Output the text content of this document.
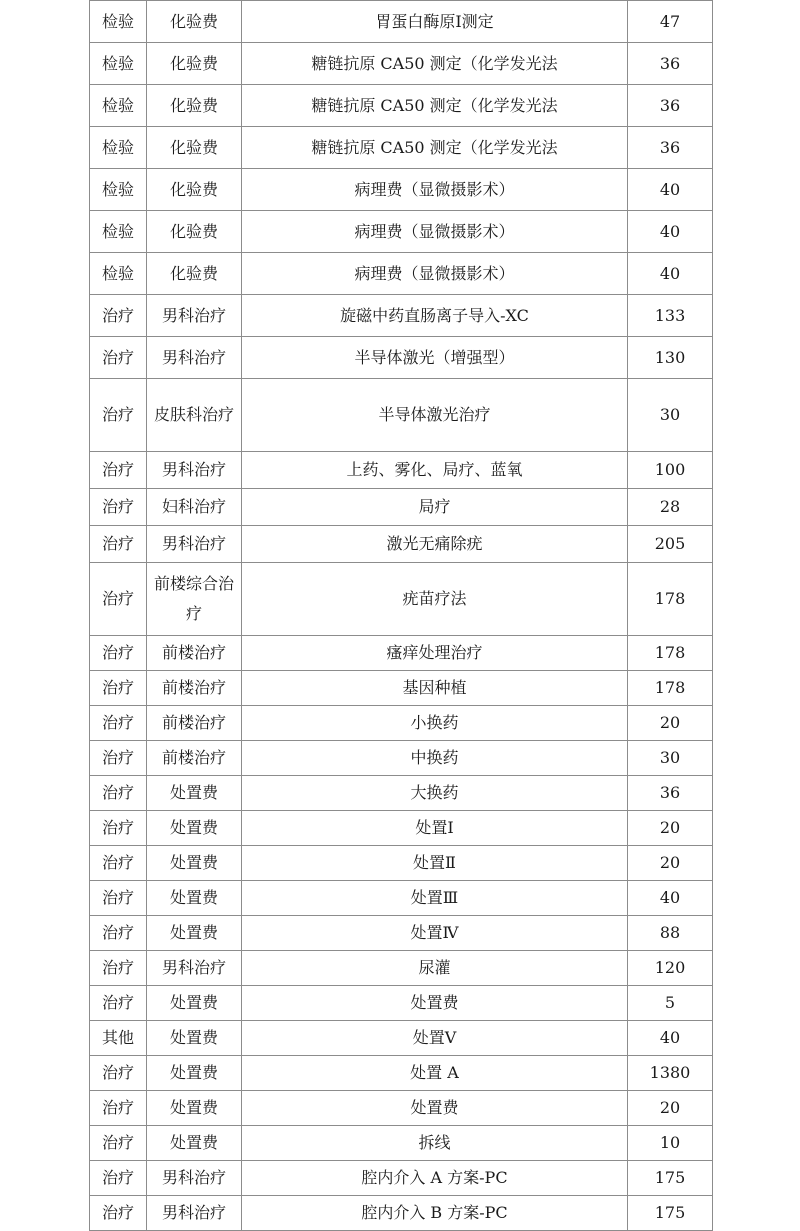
检验	化验费	胃蛋白酶原Ⅰ测定	47
检验	化验费	糖链抗原 CA50 测定（化学发光法	36
检验	化验费	糖链抗原 CA50 测定（化学发光法	36
检验	化验费	糖链抗原 CA50 测定（化学发光法	36
检验	化验费	病理费（显微摄影术）	40
检验	化验费	病理费（显微摄影术）	40
检验	化验费	病理费（显微摄影术）	40
治疗	男科治疗	旋磁中药直肠离子导入-XC	133
治疗	男科治疗	半导体激光（增强型）	130
治疗	皮肤科治疗	半导体激光治疗	30
治疗	男科治疗	上药、雾化、局疗、蓝氧	100
治疗	妇科治疗	局疗	28
治疗	男科治疗	激光无痛除疣	205
治疗	前楼综合治疗	疣苗疗法	178
治疗	前楼治疗	瘙痒处理治疗	178
治疗	前楼治疗	基因种植	178
治疗	前楼治疗	小换药	20
治疗	前楼治疗	中换药	30
治疗	处置费	大换药	36
治疗	处置费	处置Ⅰ	20
治疗	处置费	处置Ⅱ	20
治疗	处置费	处置Ⅲ	40
治疗	处置费	处置Ⅳ	88
治疗	男科治疗	尿灌	120
治疗	处置费	处置费	5
其他	处置费	处置Ⅴ	40
治疗	处置费	处置 A	1380
治疗	处置费	处置费	20
治疗	处置费	拆线	10
治疗	男科治疗	腔内介入 A 方案-PC	175
治疗	男科治疗	腔内介入 B 方案-PC	175
